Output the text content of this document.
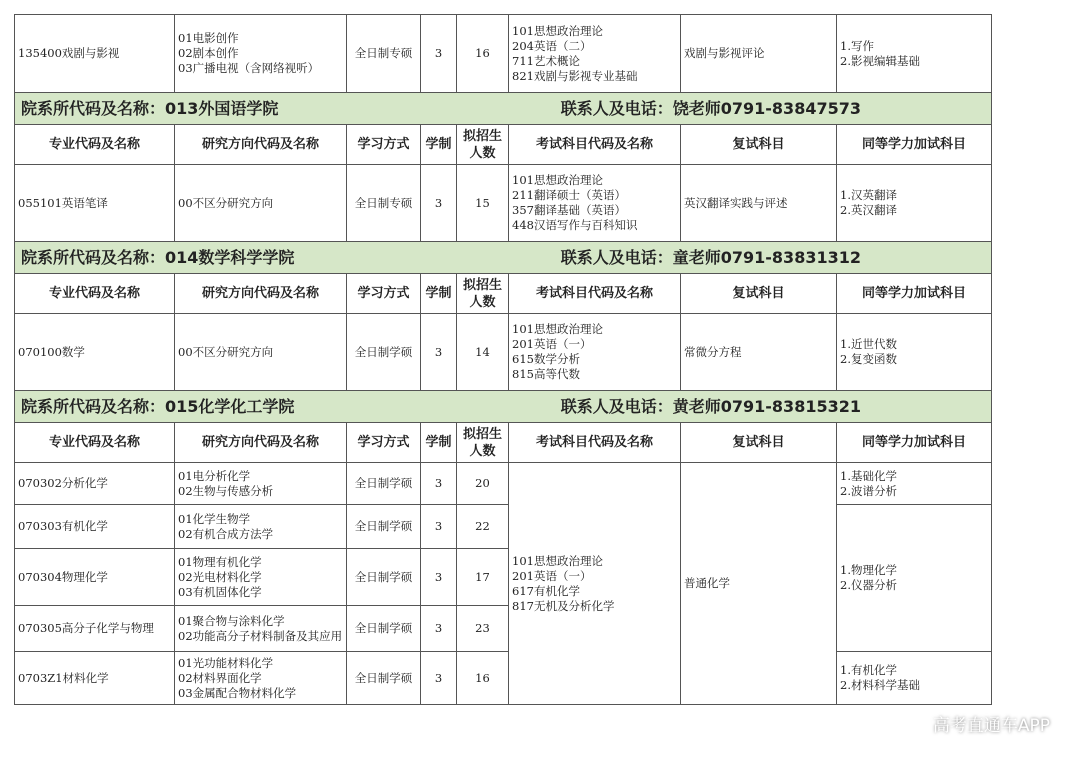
135400戏剧与影视	01电影创作
02剧本创作
03广播电视（含网络视听）	全日制专硕	3	16	101思想政治理论
204英语（二）
711艺术概论
821戏剧与影视专业基础	戏剧与影视评论	1.写作
2.影视编辑基础

院系所代码及名称：013外国语学院 联系人及电话：饶老师0791-83847573							

专业代码及名称	研究方向代码及名称	学习方式	学制	拟招生
人数	考试科目代码及名称	复试科目	同等学力加试科目
055101英语笔译	00不区分研究方向	全日制专硕	3	15	101思想政治理论
211翻译硕士（英语）
357翻译基础（英语）
448汉语写作与百科知识	英汉翻译实践与评述	1.汉英翻译
2.英汉翻译

院系所代码及名称：014数学科学学院 联系人及电话：童老师0791-83831312							

专业代码及名称	研究方向代码及名称	学习方式	学制	拟招生
人数	考试科目代码及名称	复试科目	同等学力加试科目
070100数学	00不区分研究方向	全日制学硕	3	14	101思想政治理论
201英语（一）
615数学分析
815高等代数	常微分方程	1.近世代数
2.复变函数

院系所代码及名称：015化学化工学院 联系人及电话：黄老师0791-83815321							

专业代码及名称	研究方向代码及名称	学习方式	学制	拟招生
人数	考试科目代码及名称	复试科目	同等学力加试科目
070302分析化学	01电分析化学
02生物与传感分析	全日制学硕	3	20	101思想政治理论
201英语（一）
617有机化学
817无机及分析化学	普通化学	1.基础化学
2.波谱分析

070303有机化学	01化学生物学
02有机合成方法学	全日制学硕	3	22			1.物理化学
2.仪器分析

070304物理化学	01物理有机化学
02光电材料化学
03有机固体化学	全日制学硕	3	17			
070305高分子化学与物理	01聚合物与涂料化学
02功能高分子材料制备及其应用	全日制学硕	3	23			
0703Z1材料化学	01光功能材料化学
02材料界面化学
03金属配合物材料化学	全日制学硕	3	16			1.有机化学
2.材料科学基础
高考直通车APP
